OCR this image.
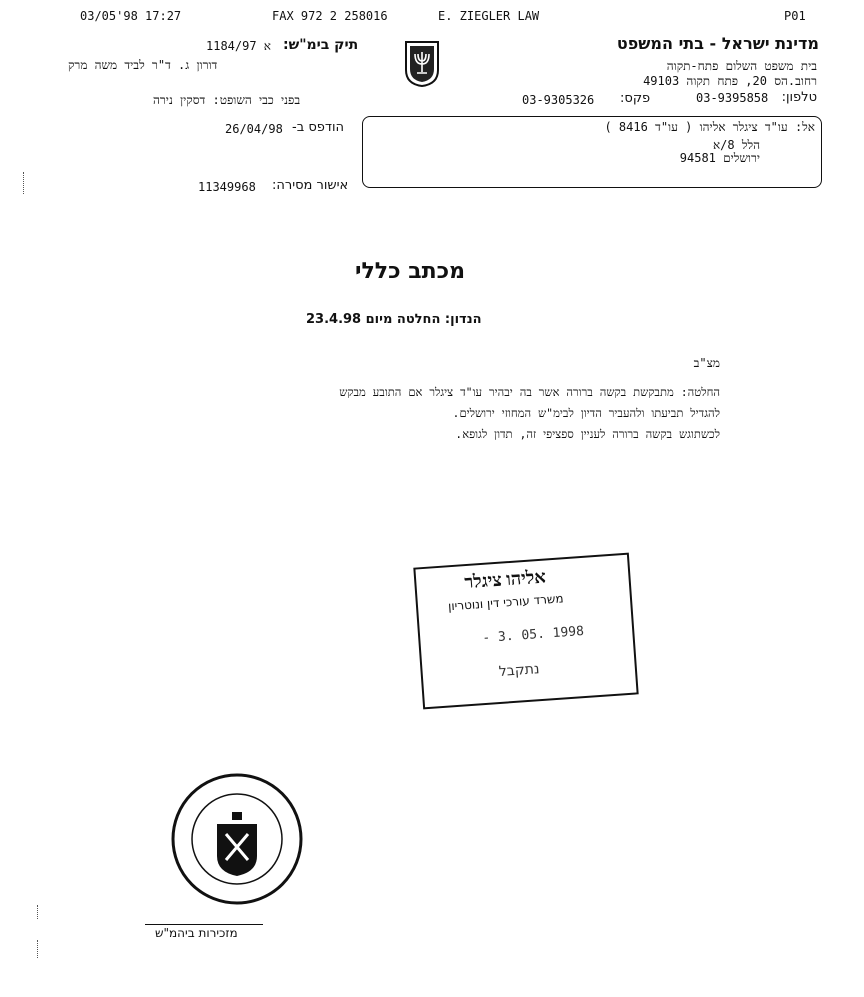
03/05'98 17:27	FAX 972 2 258016	E. ZIEGLER LAW	P01
מדינת ישראל - בתי המשפט
בית משפט השלום פתח-תקוה
רחוב.הס 20, פתח תקוה 49103
03-9395858 טלפון:
03-9305326 פקס:
תיק בימ"ש:
א 1184/97
דורון ג. ד"ר לביד משה מרק
בפני כבי השופט: דסקין נירה
הודפס ב-
26/04/98
אישור מסירה:
11349968
אל: עו"ד ציגלר אליהו ( עו"ד 8416 )
הלל 8/א
ירושלים 94581
מכתב כללי
הנדון: החלטה מיום 23.4.98
מצ"ב
החלטה: מתבקשת בקשה ברורה אשר בה יבהיר עו"ד ציגלר אם התובע מבקש
להגדיל תביעתו ולהעביר הדיון לבימ"ש המחוזי ירושלים.
לכשתוגש בקשה ברורה לעניין ספציפי זה, תדון לגופא.
אליהו ציגלר
משרד עורכי דין ונוטריון
- 3. 05. 1998
נתקבל
מזכירות ביהמ"ש
